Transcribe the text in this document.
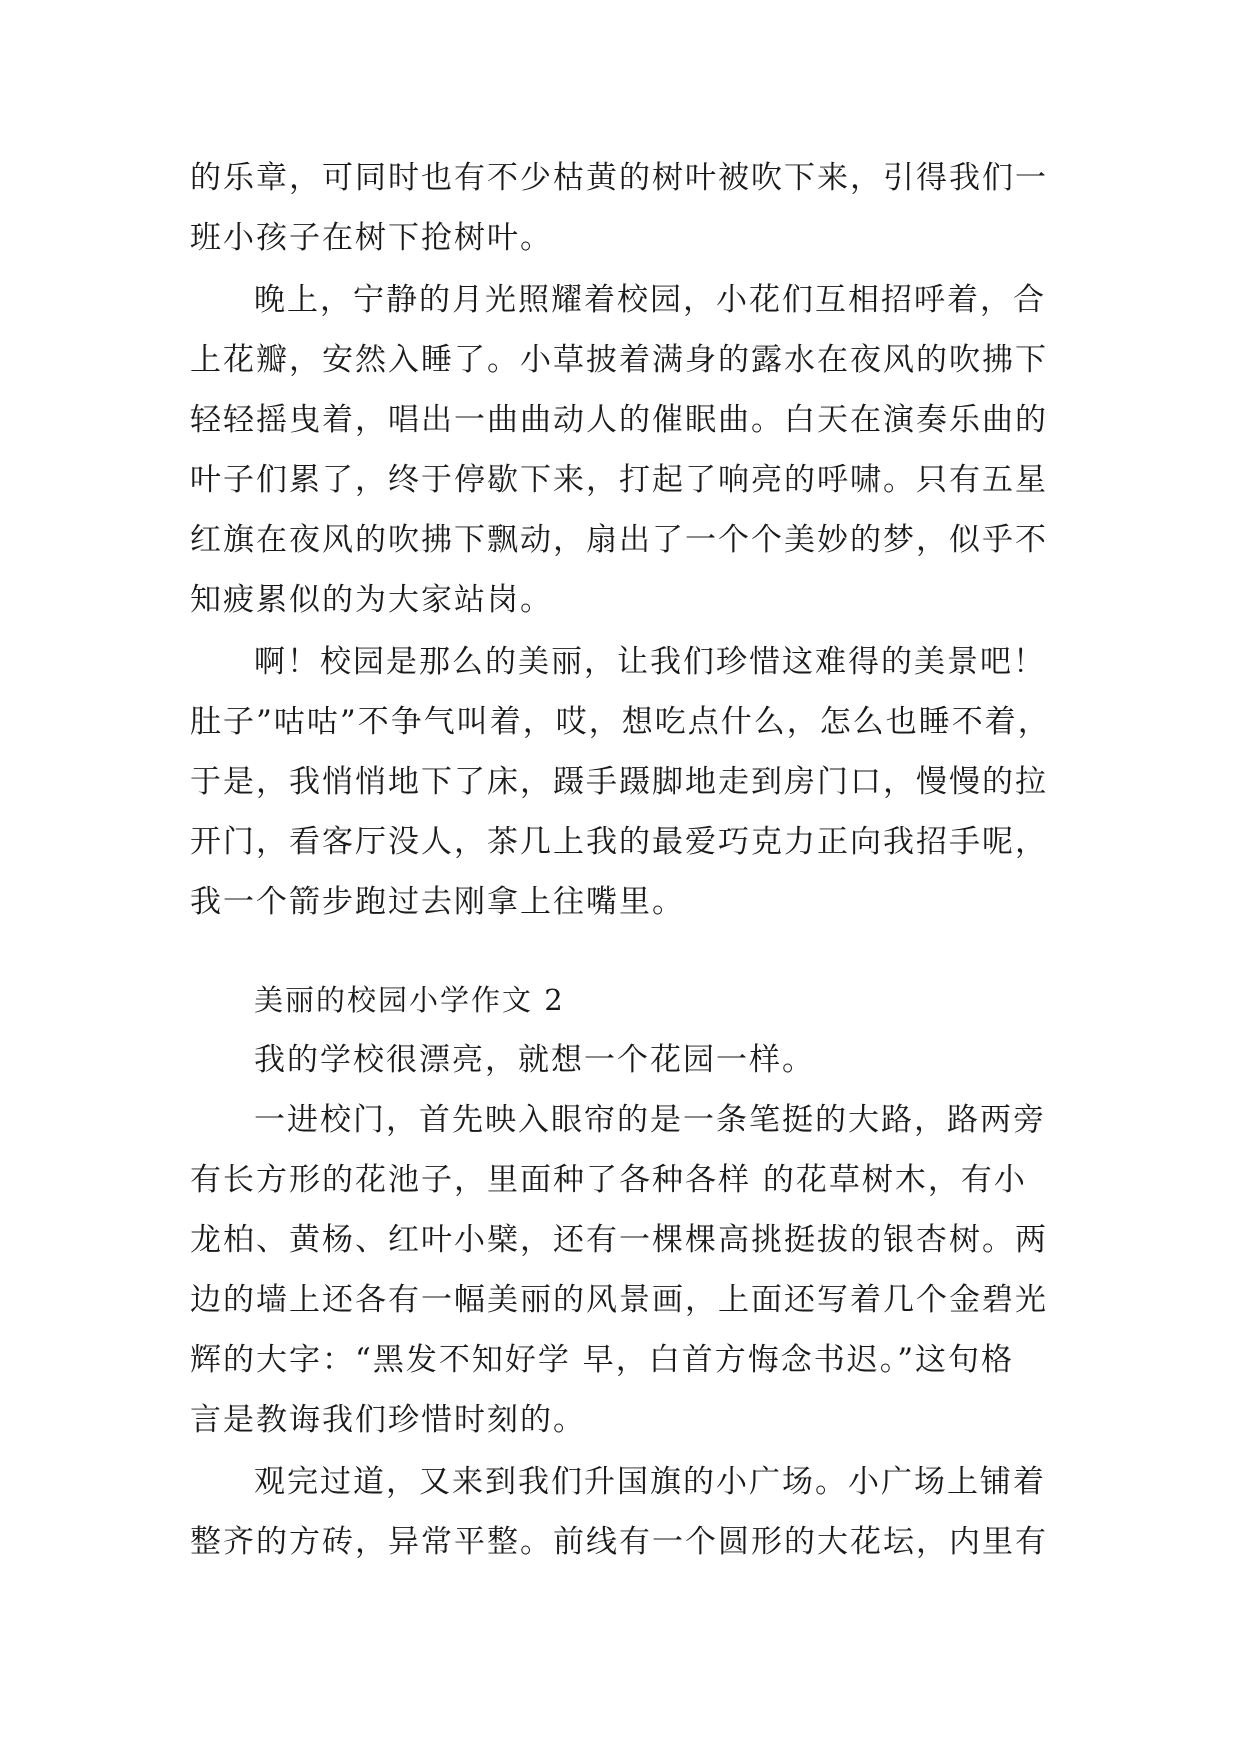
的乐章，可同时也有不少枯黄的树叶被吹下来，引得我们一
班小孩子在树下抢树叶。
晚上，宁静的月光照耀着校园，小花们互相招呼着，合
上花瓣，安然入睡了。小草披着满身的露水在夜风的吹拂下
轻轻摇曳着，唱出一曲曲动人的催眠曲。白天在演奏乐曲的
叶子们累了，终于停歇下来，打起了响亮的呼啸。只有五星
红旗在夜风的吹拂下飘动，扇出了一个个美妙的梦，似乎不
知疲累似的为大家站岗。
啊！校园是那么的美丽，让我们珍惜这难得的美景吧！
肚子”咕咕”不争气叫着，哎，想吃点什么，怎么也睡不着，
于是，我悄悄地下了床，蹑手蹑脚地走到房门口，慢慢的拉
开门，看客厅没人，茶几上我的最爱巧克力正向我招手呢，
我一个箭步跑过去刚拿上往嘴里。
美丽的校园小学作文 2
我的学校很漂亮，就想一个花园一样。
一进校门，首先映入眼帘的是一条笔挺的大路，路两旁
有长方形的花池子，里面种了各种各样 的花草树木，有小
龙柏、黄杨、红叶小檗，还有一棵棵高挑挺拔的银杏树。两
边的墙上还各有一幅美丽的风景画，上面还写着几个金碧光
辉的大字：“黑发不知好学 早，白首方悔念书迟。”这句格
言是教诲我们珍惜时刻的。
观完过道，又来到我们升国旗的小广场。小广场上铺着
整齐的方砖，异常平整。前线有一个圆形的大花坛，内里有
